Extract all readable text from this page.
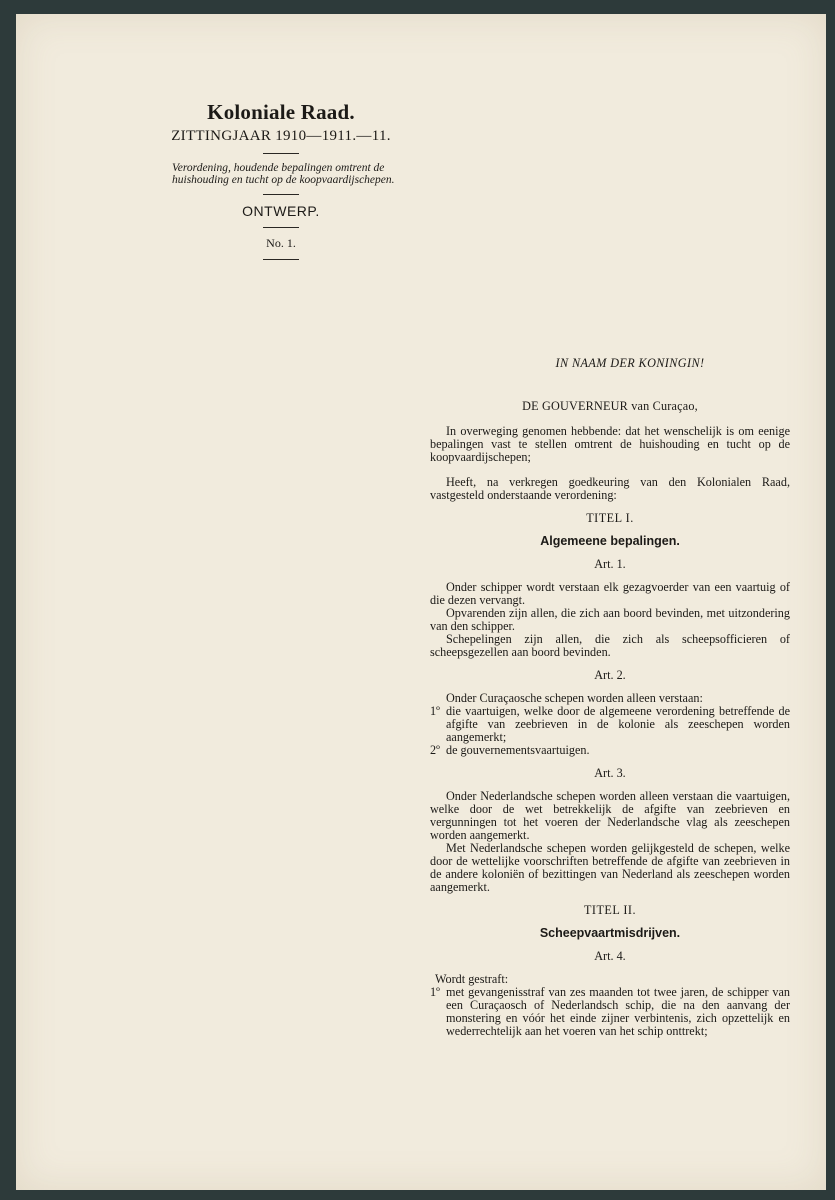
Koloniale Raad.
ZITTINGJAAR 1910—1911.—11.
Verordening, houdende bepalingen omtrent de huishouding en tucht op de koopvaardijschepen.
ONTWERP.
No. 1.
IN NAAM DER KONINGIN!
DE GOUVERNEUR van Curaçao,

In overweging genomen hebbende: dat het wenschelijk is om eenige bepalingen vast te stellen omtrent de huishouding en tucht op de koopvaardijschepen;

Heeft, na verkregen goedkeuring van den Kolonialen Raad, vastgesteld onderstaande verordening:

TITEL I.
Algemeene bepalingen.
Art. 1.

Onder schipper wordt verstaan elk gezagvoerder van een vaartuig of die dezen vervangt.

Opvarenden zijn allen, die zich aan boord bevinden, met uitzondering van den schipper.

Schepelingen zijn allen, die zich als scheepsofficieren of scheepsgezellen aan boord bevinden.

Art. 2.

Onder Curaçaosche schepen worden alleen verstaan:

1º die vaartuigen, welke door de algemeene verordening betreffende de afgifte van zeebrieven in de kolonie als zeeschepen worden aangemerkt;
2º de gouvernementsvaartuigen.
Art. 3.

Onder Nederlandsche schepen worden alleen verstaan die vaartuigen, welke door de wet betrekkelijk de afgifte van zeebrieven en vergunningen tot het voeren der Nederlandsche vlag als zeeschepen worden aangemerkt.

Met Nederlandsche schepen worden gelijkgesteld de schepen, welke door de wettelijke voorschriften betreffende de afgifte van zeebrieven in de andere koloniën of bezittingen van Nederland als zeeschepen worden aangemerkt.

TITEL II.
Scheepvaartmisdrijven.
Art. 4.

Wordt gestraft:

1º met gevangenisstraf van zes maanden tot twee jaren, de schipper van een Curaçaosch of Nederlandsch schip, die na den aanvang der monstering en vóór het einde zijner verbintenis, zich opzettelijk en wederrechtelijk aan het voeren van het schip onttrekt;
